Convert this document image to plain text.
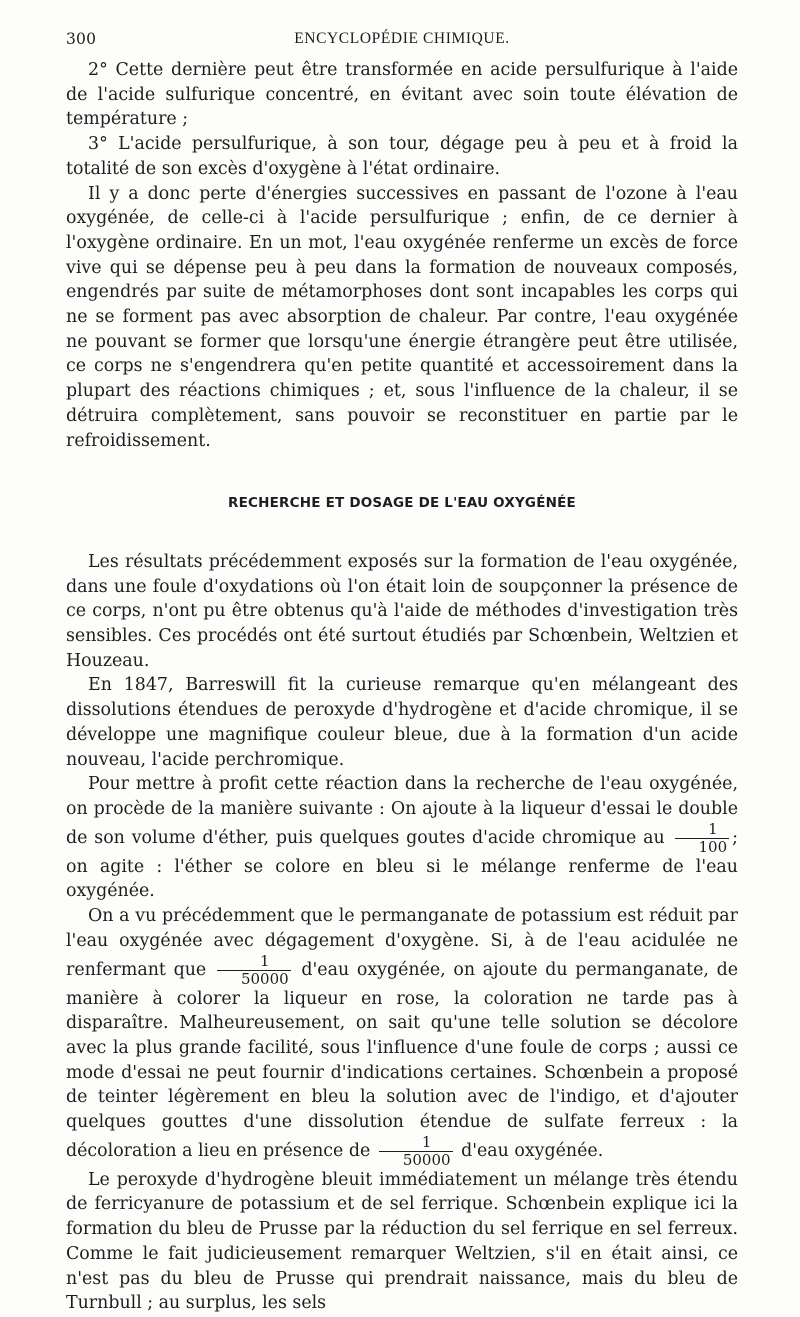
300	ENCYCLOPÉDIE CHIMIQUE.

2° Cette dernière peut être transformée en acide persulfurique à l'aide de l'acide sulfurique concentré, en évitant avec soin toute élévation de température ;

3° L'acide persulfurique, à son tour, dégage peu à peu et à froid la totalité de son excès d'oxygène à l'état ordinaire.

Il y a donc perte d'énergies successives en passant de l'ozone à l'eau oxygénée, de celle-ci à l'acide persulfurique ; enfin, de ce dernier à l'oxygène ordinaire. En un mot, l'eau oxygénée renferme un excès de force vive qui se dépense peu à peu dans la formation de nouveaux composés, engendrés par suite de métamorphoses dont sont incapables les corps qui ne se forment pas avec absorption de chaleur. Par contre, l'eau oxygénée ne pouvant se former que lorsqu'une énergie étrangère peut être utilisée, ce corps ne s'engendrera qu'en petite quantité et accessoirement dans la plupart des réactions chimiques ; et, sous l'influence de la chaleur, il se détruira complètement, sans pouvoir se reconstituer en partie par le refroidissement.

RECHERCHE ET DOSAGE DE L'EAU OXYGÉNÉE

Les résultats précédemment exposés sur la formation de l'eau oxygénée, dans une foule d'oxydations où l'on était loin de soupçonner la présence de ce corps, n'ont pu être obtenus qu'à l'aide de méthodes d'investigation très sensibles. Ces procédés ont été surtout étudiés par Schœnbein, Weltzien et Houzeau.

En 1847, Barreswill fit la curieuse remarque qu'en mélangeant des dissolutions étendues de peroxyde d'hydrogène et d'acide chromique, il se développe une magnifique couleur bleue, due à la formation d'un acide nouveau, l'acide perchromique.

Pour mettre à profit cette réaction dans la recherche de l'eau oxygénée, on procède de la manière suivante : On ajoute à la liqueur d'essai le double de son volume d'éther, puis quelques goutes d'acide chromique au $\frac{1}{100}$ ; on agite : l'éther se colore en bleu si le mélange renferme de l'eau oxygénée.

On a vu précédemment que le permanganate de potassium est réduit par l'eau oxygénée avec dégagement d'oxygène. Si, à de l'eau acidulée ne renfermant que $\frac{1}{50000} d'eau$ oxygénée, on ajoute du permanganate, de manière à colorer la liqueur en rose, la coloration ne tarde pas à disparaître. Malheureusement, on sait qu'une telle solution se décolore avec la plus grande facilité, sous l'influence d'une foule de corps ; aussi ce mode d'essai ne peut fournir d'indications certaines. Schœnbein a proposé de teinter légèrement en bleu la solution avec de l'indigo, et d'ajouter quelques gouttes d'une dissolution étendue de sulfate ferreux : la décoloration a lieu en présence de $\frac{1}{50000} d'eau$ oxygénée.

Le peroxyde d'hydrogène bleuit immédiatement un mélange très étendu de ferricyanure de potassium et de sel ferrique. Schœnbein explique ici la formation du bleu de Prusse par la réduction du sel ferrique en sel ferreux. Comme le fait judicieusement remarquer Weltzien, s'il en était ainsi, ce n'est pas du bleu de Prusse qui prendrait naissance, mais du bleu de Turnbull ; au surplus, les sels
